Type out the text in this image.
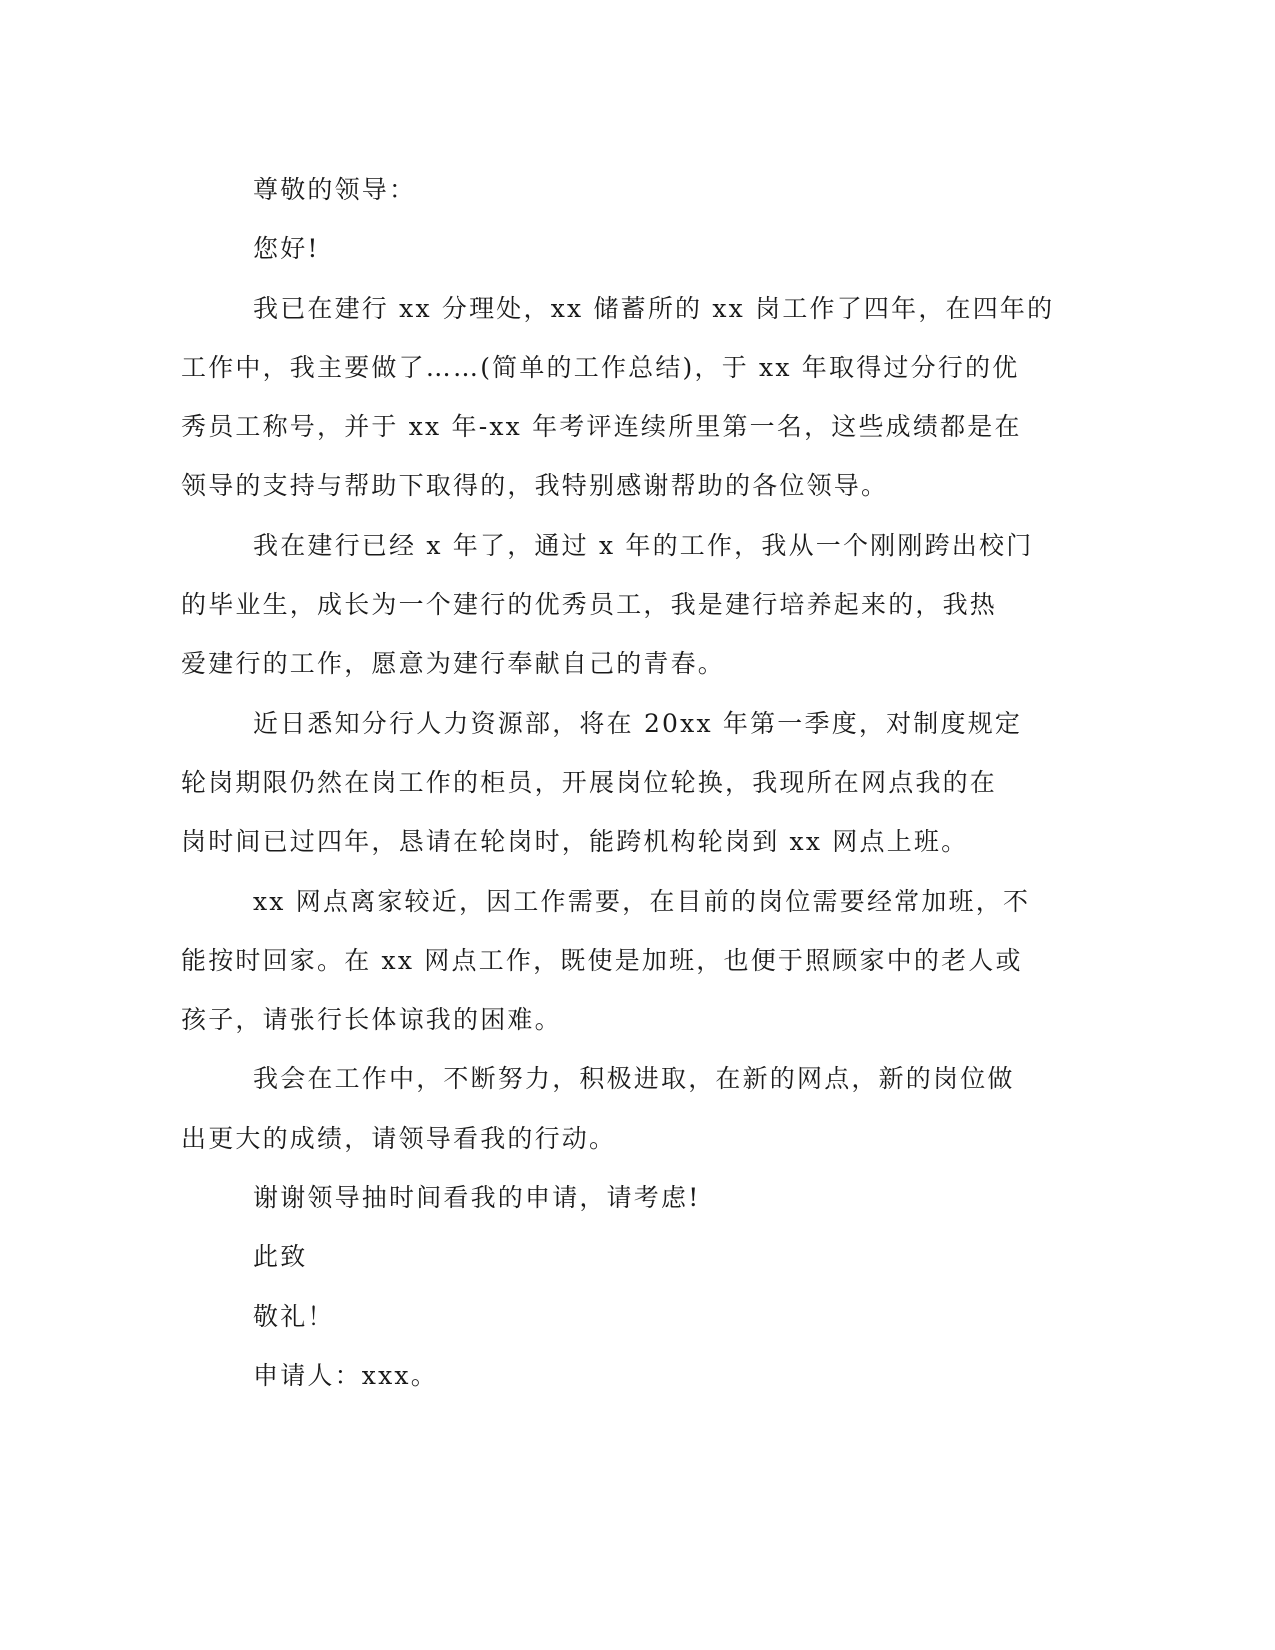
尊敬的领导：
您好!
我已在建行 xx 分理处，xx 储蓄所的 xx 岗工作了四年，在四年的
工作中，我主要做了……(简单的工作总结)，于 xx 年取得过分行的优
秀员工称号，并于 xx 年-xx 年考评连续所里第一名，这些成绩都是在
领导的支持与帮助下取得的，我特别感谢帮助的各位领导。
我在建行已经 x 年了，通过 x 年的工作，我从一个刚刚跨出校门
的毕业生，成长为一个建行的优秀员工，我是建行培养起来的，我热
爱建行的工作，愿意为建行奉献自己的青春。
近日悉知分行人力资源部，将在 20xx 年第一季度，对制度规定
轮岗期限仍然在岗工作的柜员，开展岗位轮换，我现所在网点我的在
岗时间已过四年，恳请在轮岗时，能跨机构轮岗到 xx 网点上班。
xx 网点离家较近，因工作需要，在目前的岗位需要经常加班，不
能按时回家。在 xx 网点工作，既使是加班，也便于照顾家中的老人或
孩子，请张行长体谅我的困难。
我会在工作中，不断努力，积极进取，在新的网点，新的岗位做
出更大的成绩，请领导看我的行动。
谢谢领导抽时间看我的申请，请考虑!
此致
敬礼！
申请人：xxx。
